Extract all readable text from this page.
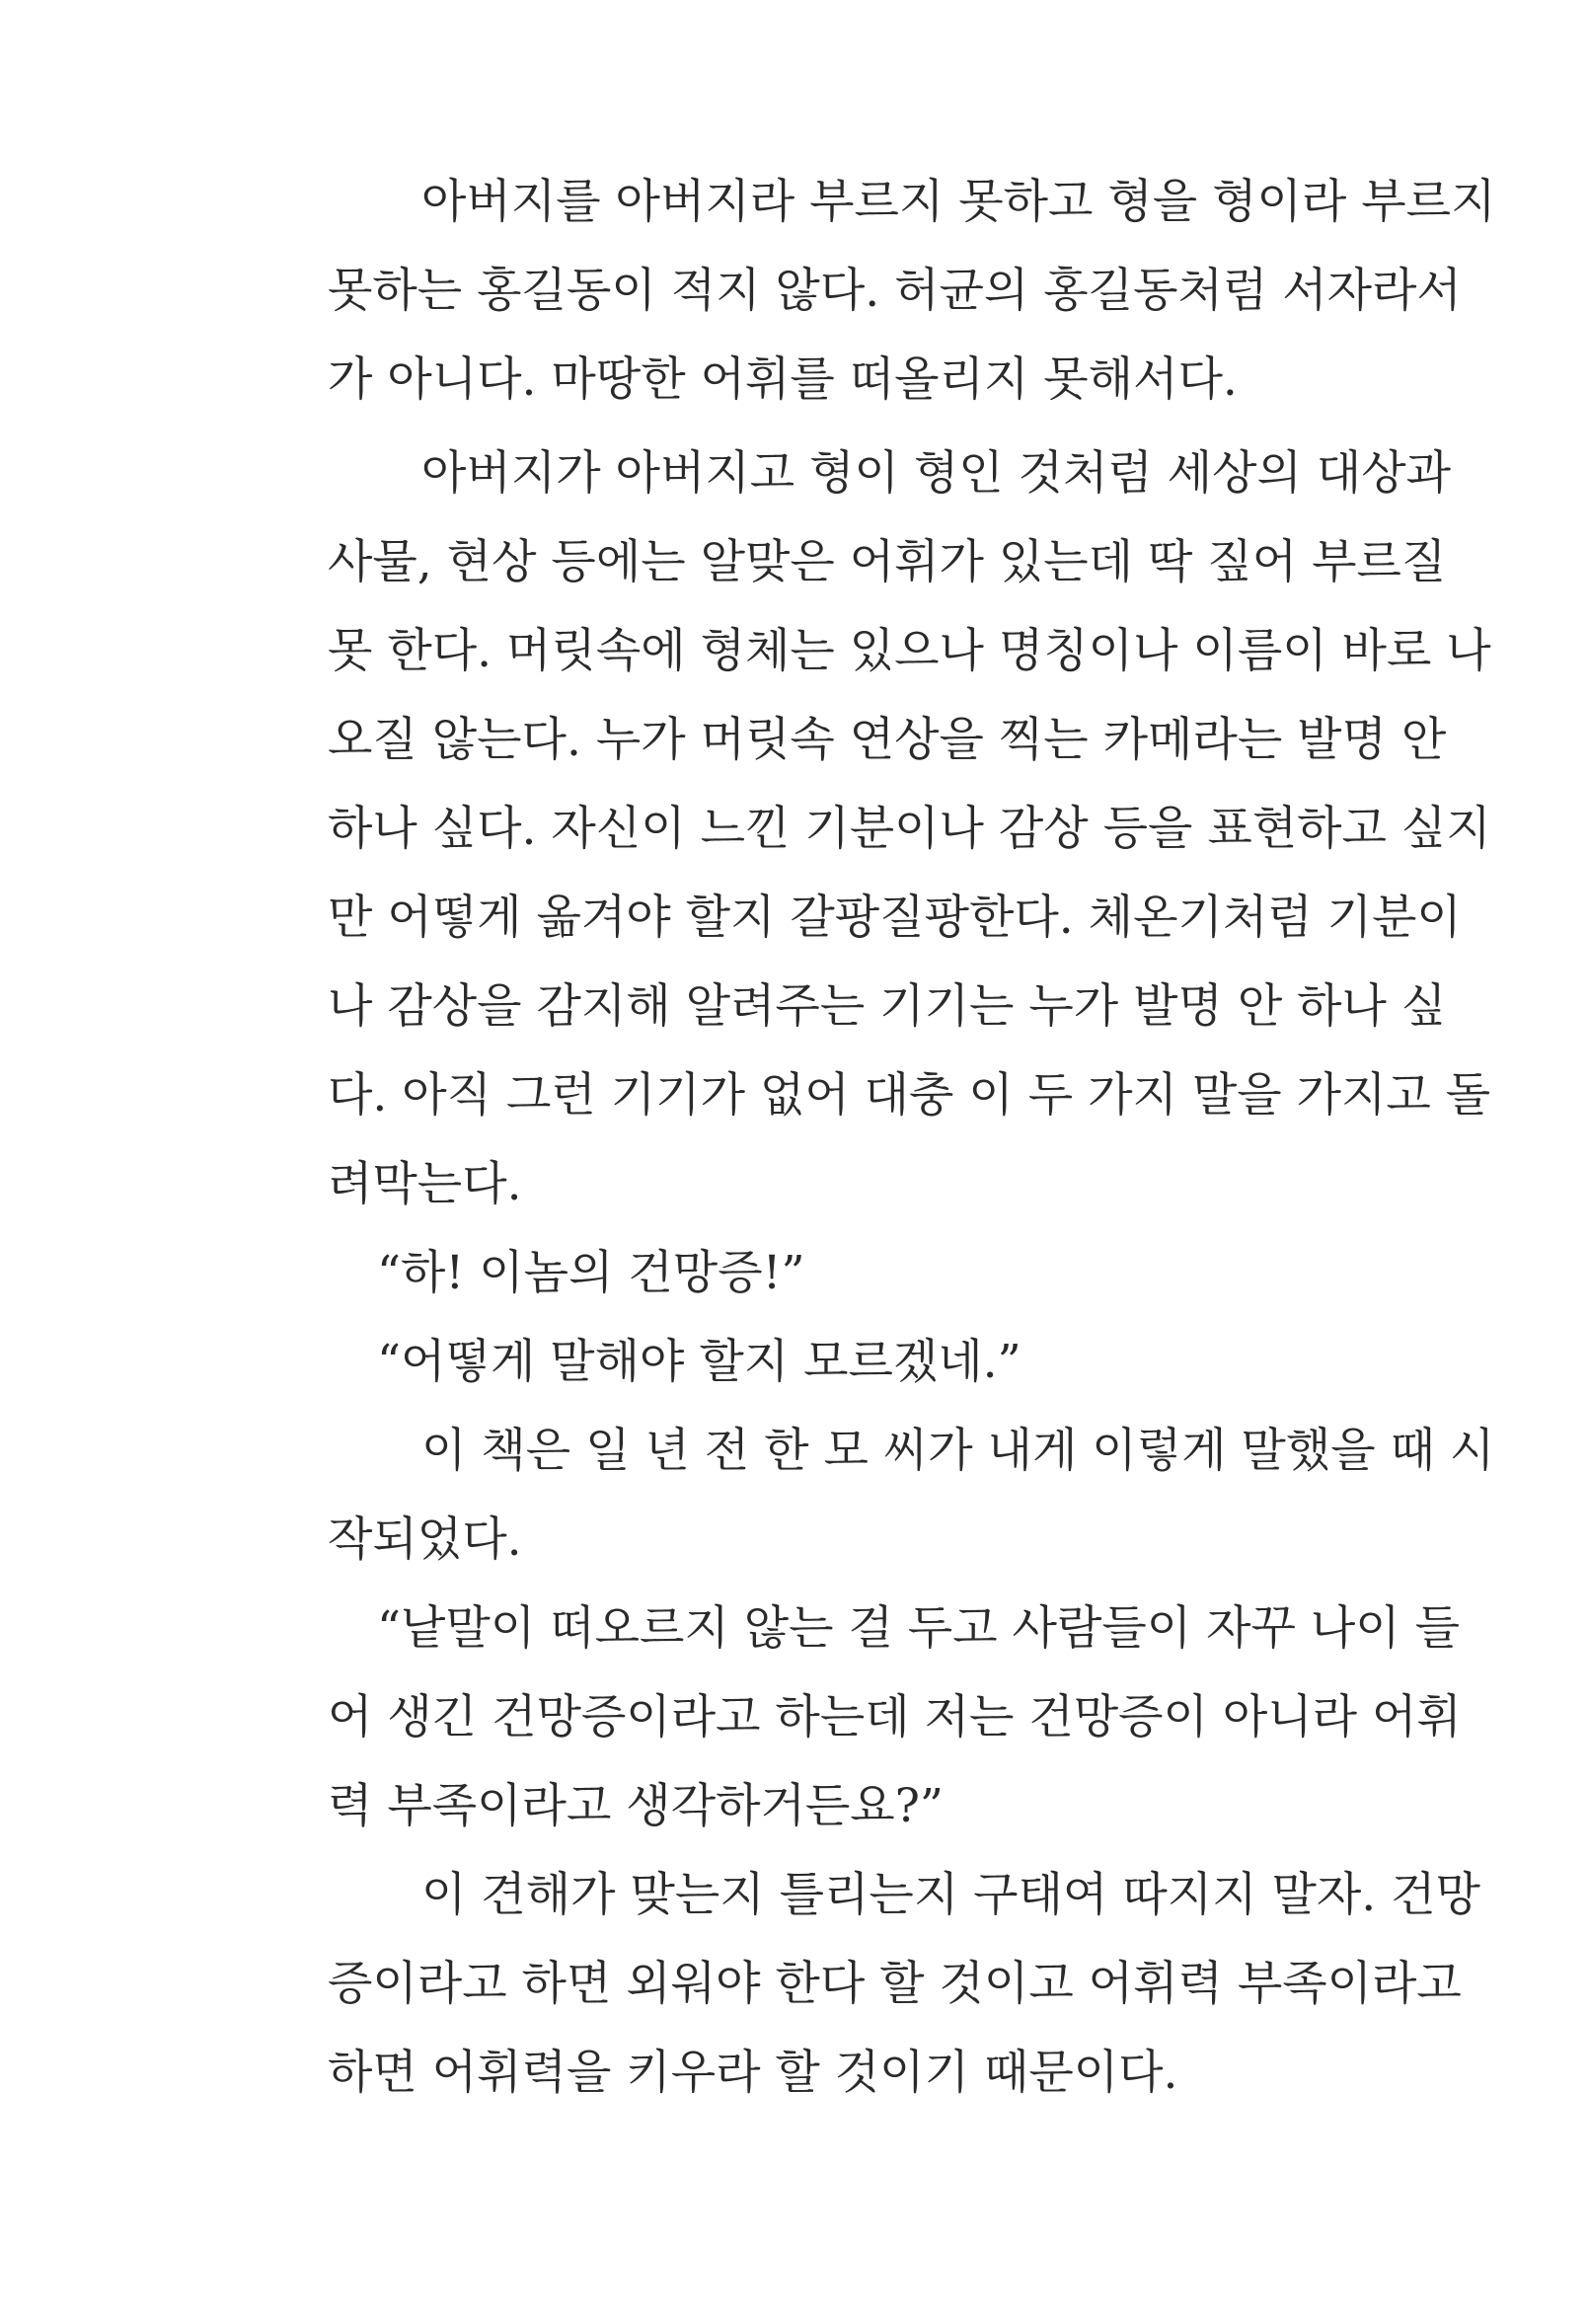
아버지를 아버지라 부르지 못하고 형을 형이라 부르지
못하는 홍길동이 적지 않다. 허균의 홍길동처럼 서자라서
가 아니다. 마땅한 어휘를 떠올리지 못해서다.
아버지가 아버지고 형이 형인 것처럼 세상의 대상과
사물, 현상 등에는 알맞은 어휘가 있는데 딱 짚어 부르질
못 한다. 머릿속에 형체는 있으나 명칭이나 이름이 바로 나
오질 않는다. 누가 머릿속 연상을 찍는 카메라는 발명 안
하나 싶다. 자신이 느낀 기분이나 감상 등을 표현하고 싶지
만 어떻게 옮겨야 할지 갈팡질팡한다. 체온기처럼 기분이
나 감상을 감지해 알려주는 기기는 누가 발명 안 하나 싶
다. 아직 그런 기기가 없어 대충 이 두 가지 말을 가지고 돌
려막는다.
“하! 이놈의 건망증!”
“어떻게 말해야 할지 모르겠네.”
이 책은 일 년 전 한 모 씨가 내게 이렇게 말했을 때 시
작되었다.
“낱말이 떠오르지 않는 걸 두고 사람들이 자꾸 나이 들
어 생긴 건망증이라고 하는데 저는 건망증이 아니라 어휘
력 부족이라고 생각하거든요?”
이 견해가 맞는지 틀리는지 구태여 따지지 말자. 건망
증이라고 하면 외워야 한다 할 것이고 어휘력 부족이라고
하면 어휘력을 키우라 할 것이기 때문이다.
